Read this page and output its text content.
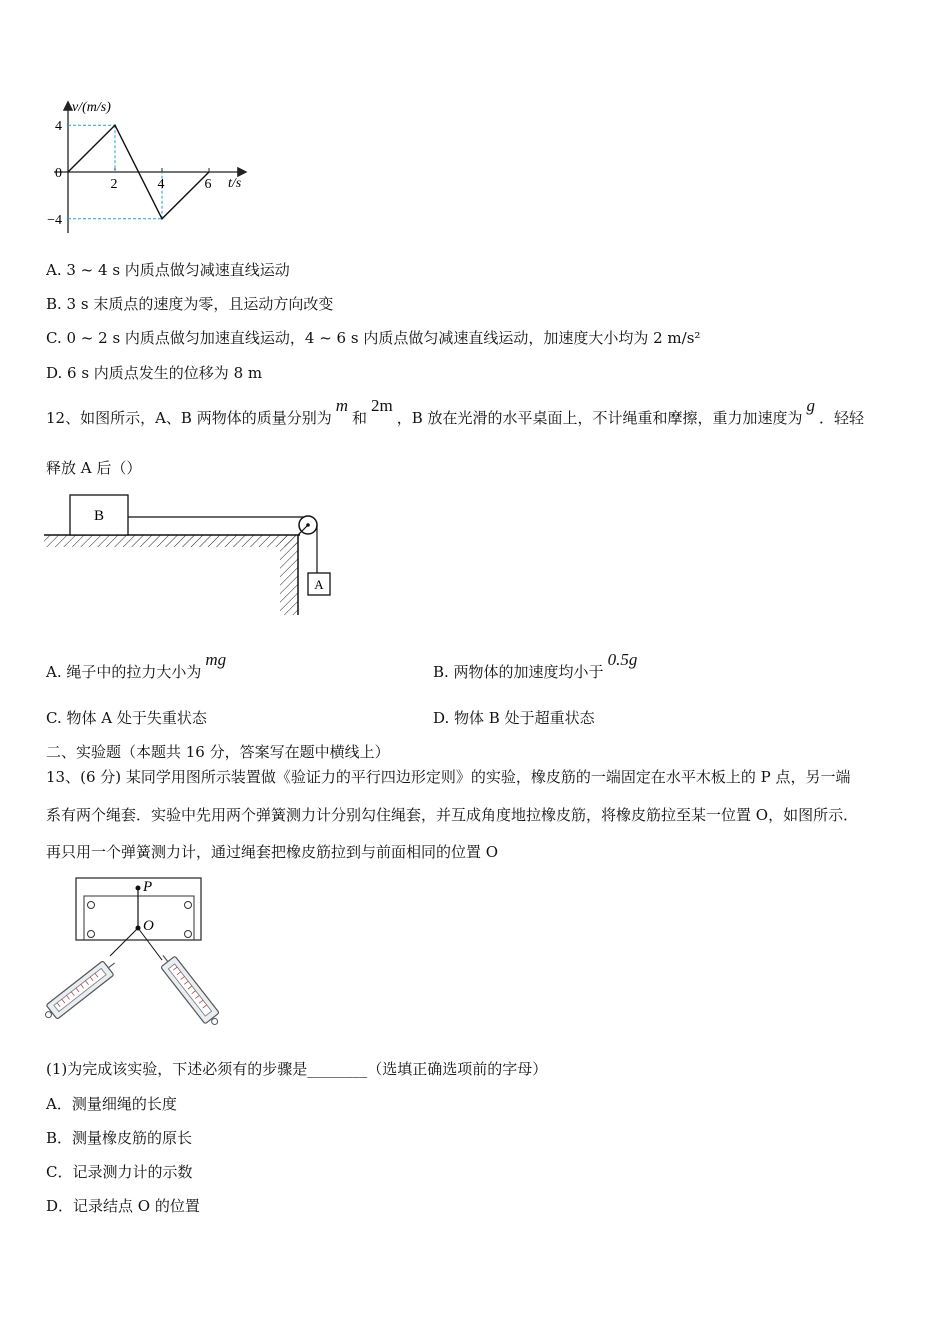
v/(m/s)
t/s
4
0
−4
2	4	6
A. 3 ~ 4 s 内质点做匀减速直线运动
B. 3 s 末质点的速度为零，且运动方向改变
C. 0 ~ 2 s 内质点做匀加速直线运动，4 ~ 6 s 内质点做匀减速直线运动，加速度大小均为 2 m/s²
D. 6 s 内质点发生的位移为 8 m
12、如图所示，A、B 两物体的质量分别为m和2m，B 放在光滑的水平桌面上，不计绳重和摩擦，重力加速度为g．轻轻
释放 A 后（）
B
A
A. 绳子中的拉力大小为mg
B. 两物体的加速度均小于0.5g
C. 物体 A 处于失重状态	D. 物体 B 处于超重状态
二、实验题（本题共 16 分，答案写在题中横线上）
13、(6 分) 某同学用图所示装置做《验证力的平行四边形定则》的实验，橡皮筋的一端固定在水平木板上的 P 点，另一端
系有两个绳套．实验中先用两个弹簧测力计分别勾住绳套，并互成角度地拉橡皮筋，将橡皮筋拉至某一位置 O，如图所示．
再只用一个弹簧测力计，通过绳套把橡皮筋拉到与前面相同的位置 O
P
O
(1)为完成该实验，下述必须有的步骤是________（选填正确选项前的字母）
A．测量细绳的长度
B．测量橡皮筋的原长
C．记录测力计的示数
D．记录结点 O 的位置
